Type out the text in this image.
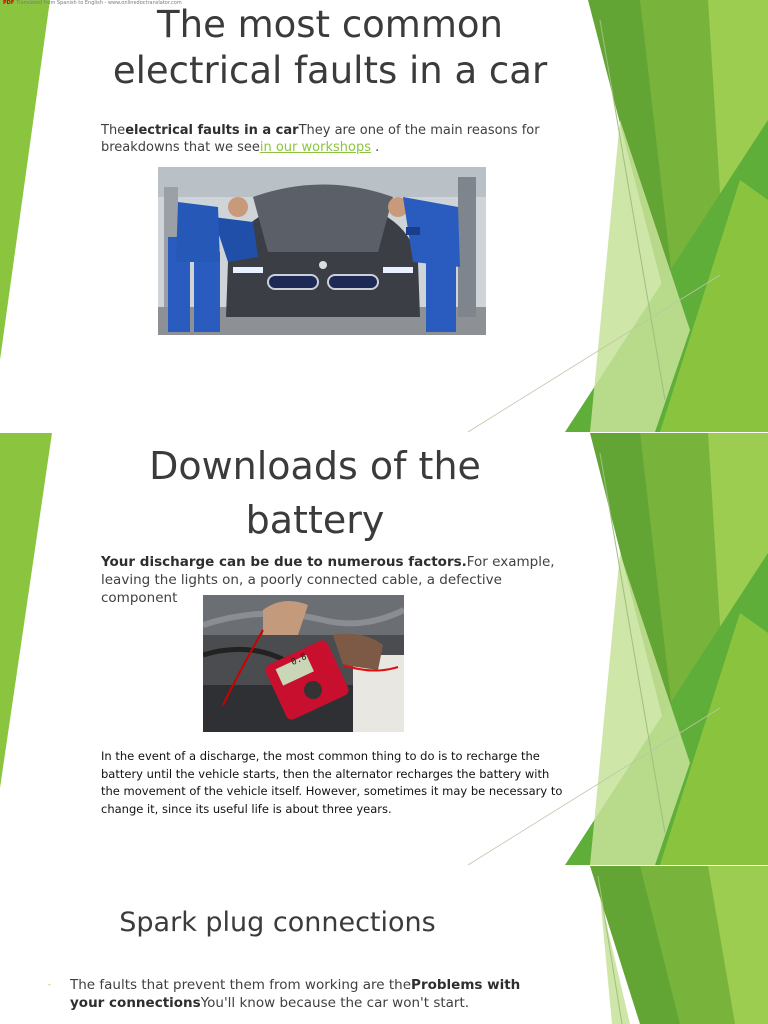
PDF Translated from Spanish to English - www.onlinedoctranslator.com
The most common electrical faults in a car

Theelectrical faults in a carThey are one of the main reasons for breakdowns that we seein our workshops .

Downloads of the battery

Your discharge can be due to numerous factors.For example, leaving the lights on, a poorly connected cable, a defective component

0.8

In the event of a discharge, the most common thing to do is to recharge the battery until the vehicle starts, then the alternator recharges the battery with the movement of the vehicle itself. However, sometimes it may be necessary to change it, since its useful life is about three years.

Spark plug connections
- The faults that prevent them from working are theProblems with your connectionsYou'll know because the car won't start.
